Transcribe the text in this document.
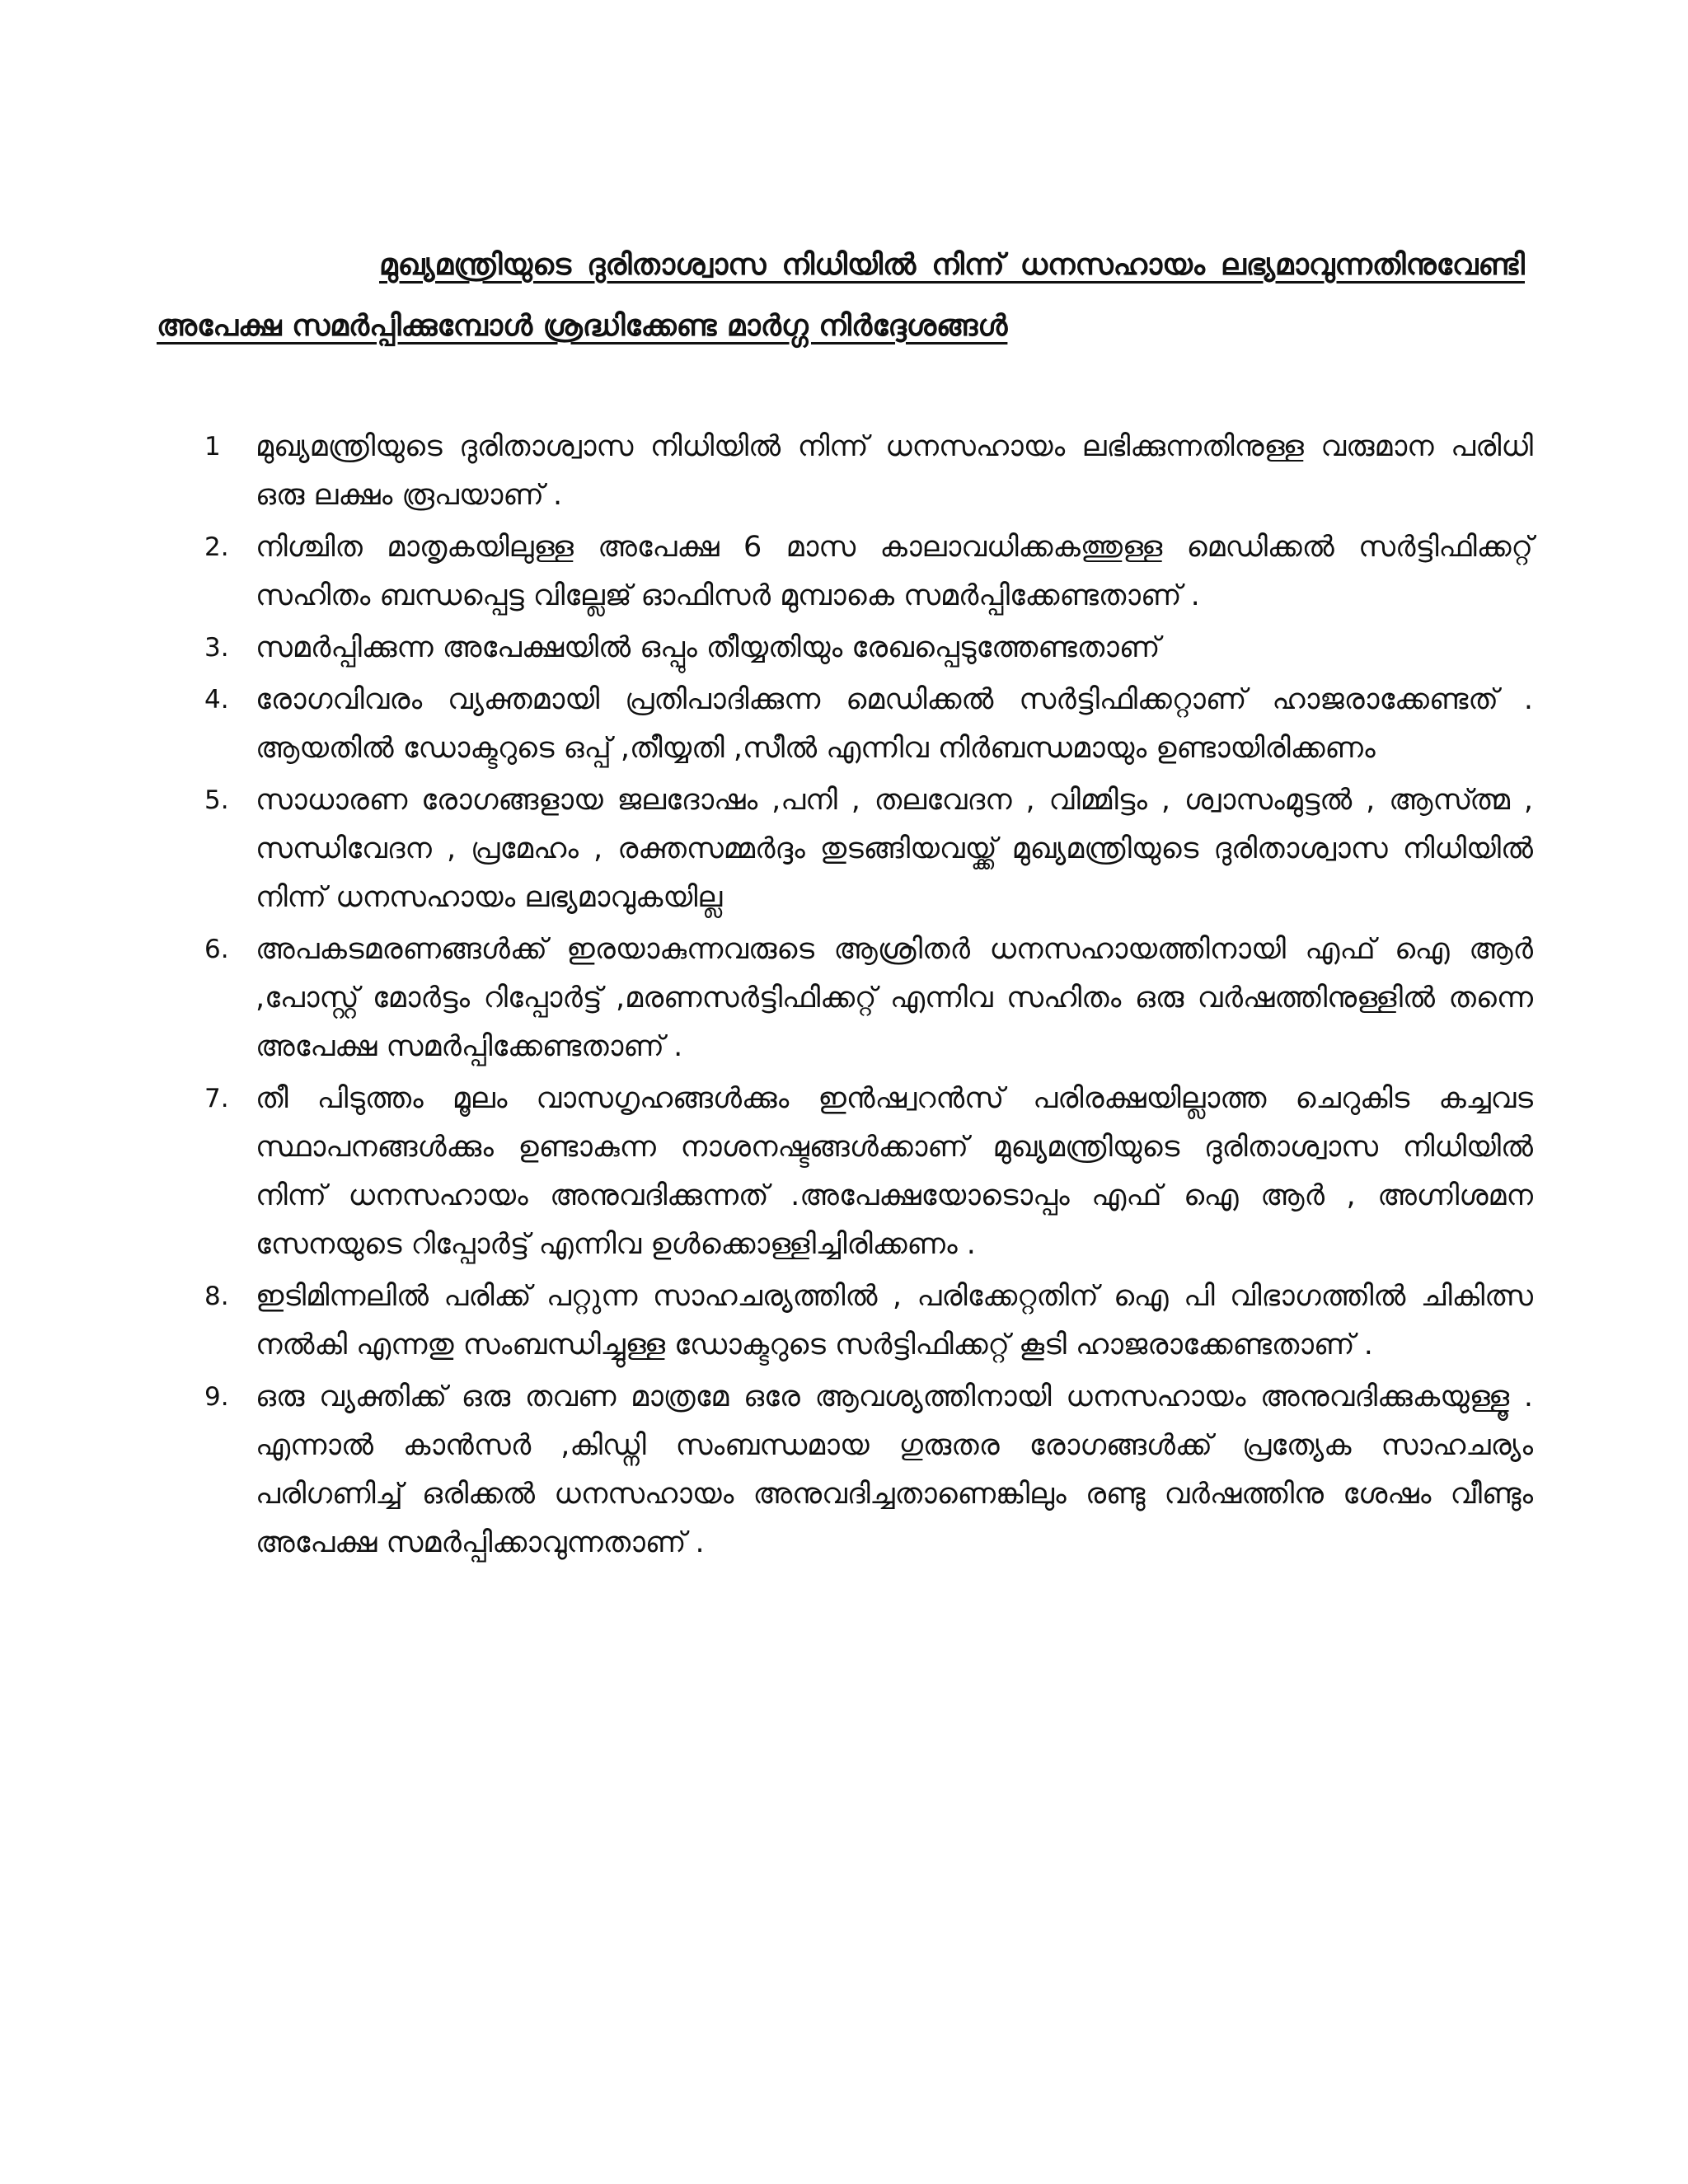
മുഖ്യമന്ത്രിയുടെ ദുരിതാശ്വാസ നിധിയിൽ നിന്ന് ധനസഹായം ലഭ്യമാവുന്നതിനുവേണ്ടി അപേക്ഷ സമർപ്പിക്കുമ്പോൾ ശ്രദ്ധിക്കേണ്ട മാർഗ്ഗ നിർദ്ദേശങ്ങൾ

1 മുഖ്യമന്ത്രിയുടെ ദുരിതാശ്വാസ നിധിയിൽ നിന്ന് ധനസഹായം ലഭിക്കുന്നതിനുള്ള വരുമാന പരിധി ഒരു ലക്ഷം രൂപയാണ് .
2. നിശ്ചിത മാതൃകയിലുള്ള അപേക്ഷ 6 മാസ കാലാവധിക്കകത്തുള്ള മെഡിക്കൽ സർട്ടിഫിക്കറ്റ് സഹിതം ബന്ധപ്പെട്ട വില്ലേജ് ഓഫിസർ മുമ്പാകെ സമർപ്പിക്കേണ്ടതാണ് .
3. സമർപ്പിക്കുന്ന അപേക്ഷയിൽ ഒപ്പും തീയ്യതിയും രേഖപ്പെടുത്തേണ്ടതാണ്
4. രോഗവിവരം വ്യക്തമായി പ്രതിപാദിക്കുന്ന മെഡിക്കൽ സർട്ടിഫിക്കറ്റാണ് ഹാജരാക്കേണ്ടത് . ആയതിൽ ഡോക്ടറുടെ ഒപ്പ് ,തീയ്യതി ,സീൽ എന്നിവ നിർബന്ധമായും ഉണ്ടായിരിക്കണം
5. സാധാരണ രോഗങ്ങളായ ജലദോഷം ,പനി , തലവേദന , വിമ്മിട്ടം , ശ്വാസംമുട്ടൽ , ആസ്ത്മ , സന്ധിവേദന , പ്രമേഹം , രക്തസമ്മർദ്ദം തുടങ്ങിയവയ്ക്ക് മുഖ്യമന്ത്രിയുടെ ദുരിതാശ്വാസ നിധിയിൽ നിന്ന് ധനസഹായം ലഭ്യമാവുകയില്ല
6. അപകടമരണങ്ങൾക്ക് ഇരയാകുന്നവരുടെ ആശ്രിതർ ധനസഹായത്തിനായി എഫ് ഐ ആർ ,പോസ്റ്റ് മോർട്ടം റിപ്പോർട്ട് ,മരണസർട്ടിഫിക്കറ്റ് എന്നിവ സഹിതം ഒരു വർഷത്തിനുള്ളിൽ തന്നെ അപേക്ഷ സമർപ്പിക്കേണ്ടതാണ് .
7. തീ പിടുത്തം മൂലം വാസഗൃഹങ്ങൾക്കും ഇൻഷ്വറൻസ് പരിരക്ഷയില്ലാത്ത ചെറുകിട കച്ചവട സ്ഥാപനങ്ങൾക്കും ഉണ്ടാകുന്ന നാശനഷ്ടങ്ങൾക്കാണ് മുഖ്യമന്ത്രിയുടെ ദുരിതാശ്വാസ നിധിയിൽ നിന്ന് ധനസഹായം അനുവദിക്കുന്നത് .അപേക്ഷയോടൊപ്പം എഫ് ഐ ആർ , അഗ്നിശമന സേനയുടെ റിപ്പോർട്ട് എന്നിവ ഉൾക്കൊള്ളിച്ചിരിക്കണം .
8. ഇടിമിന്നലിൽ പരിക്ക് പറ്റുന്ന സാഹചര്യത്തിൽ , പരിക്കേറ്റതിന് ഐ പി വിഭാഗത്തിൽ ചികിത്സ നൽകി എന്നതു സംബന്ധിച്ചുള്ള ഡോക്ടറുടെ സർട്ടിഫിക്കറ്റ് കൂടി ഹാജരാക്കേണ്ടതാണ് .
9. ഒരു വ്യക്തിക്ക് ഒരു തവണ മാത്രമേ ഒരേ ആവശ്യത്തിനായി ധനസഹായം അനുവദിക്കുകയുള്ളൂ . എന്നാൽ കാൻസർ ,കിഡ്നി സംബന്ധമായ ഗുരുതര രോഗങ്ങൾക്ക് പ്രത്യേക സാഹചര്യം പരിഗണിച്ച് ഒരിക്കൽ ധനസഹായം അനുവദിച്ചതാണെങ്കിലും രണ്ടു വർഷത്തിനു ശേഷം വീണ്ടും അപേക്ഷ സമർപ്പിക്കാവുന്നതാണ് .
